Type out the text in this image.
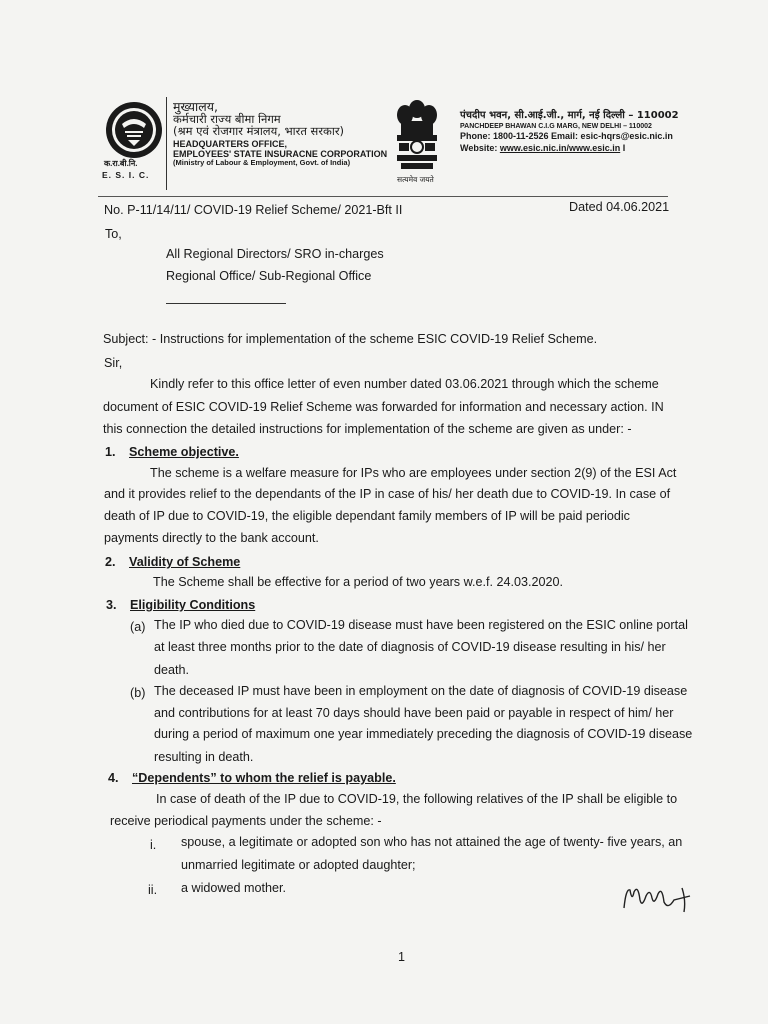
क.रा.बी.नि.
E. S. I. C.
मुख्यालय,
कर्मचारी राज्य बीमा निगम
(श्रम एवं रोजगार मंत्रालय, भारत सरकार)
HEADQUARTERS OFFICE,
EMPLOYEES' STATE INSURACNE CORPORATION
(Ministry of Labour & Employment, Govt. of India)
सत्यमेव जयते
पंचदीप भवन, सी.आई.जी., मार्ग, नई दिल्ली – 110002
PANCHDEEP BHAWAN C.I.G MARG, NEW DELHI – 110002
Phone: 1800-11-2526 Email: esic-hqrs@esic.nic.in
Website: www.esic.nic.in/www.esic.in I
No. P-11/14/11/ COVID-19 Relief Scheme/ 2021-Bft II	Dated 04.06.2021
To,
All Regional Directors/ SRO in-charges
Regional Office/ Sub-Regional Office
Subject: - Instructions for implementation of the scheme ESIC COVID-19 Relief Scheme.
Sir,
Kindly refer to this office letter of even number dated 03.06.2021 through which the scheme
document of ESIC COVID-19 Relief Scheme was forwarded for information and necessary action. IN
this connection the detailed instructions for implementation of the scheme are given as under: -
1. Scheme objective.
The scheme is a welfare measure for IPs who are employees under section 2(9) of the ESI Act
and it provides relief to the dependants of the IP in case of his/ her death due to COVID-19. In case of
death of IP due to COVID-19, the eligible dependant family members of IP will be paid periodic
payments directly to the bank account.
2. Validity of Scheme
The Scheme shall be effective for a period of two years w.e.f. 24.03.2020.
3. Eligibility Conditions
(a) The IP who died due to COVID-19 disease must have been registered on the ESIC online portal
at least three months prior to the date of diagnosis of COVID-19 disease resulting in his/ her
death.
(b) The deceased IP must have been in employment on the date of diagnosis of COVID-19 disease
and contributions for at least 70 days should have been paid or payable in respect of him/ her
during a period of maximum one year immediately preceding the diagnosis of COVID-19 disease
resulting in death.
4. “Dependents” to whom the relief is payable.
In case of death of the IP due to COVID-19, the following relatives of the IP shall be eligible to
receive periodical payments under the scheme: -
i. spouse, a legitimate or adopted son who has not attained the age of twenty- five years, an
unmarried legitimate or adopted daughter;
ii. a widowed mother.
1
